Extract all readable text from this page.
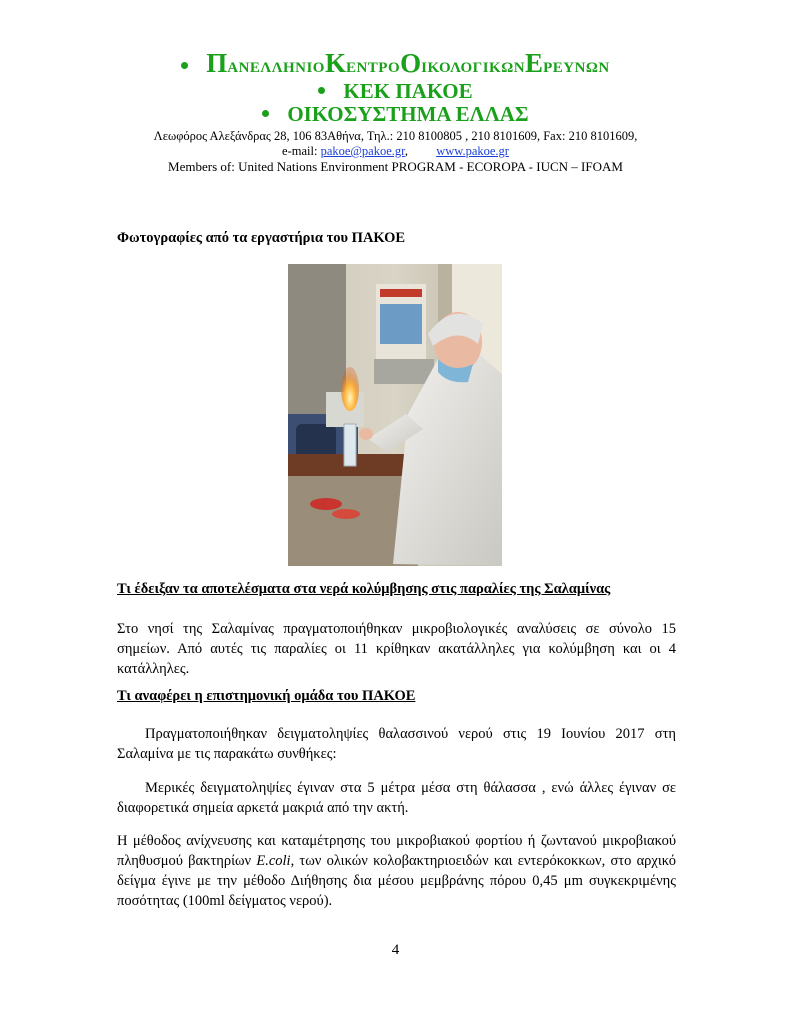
ΠΑΝΕΛΛΗΝΙΟΚΕΝΤΡΟΟΙΚΟΛΟΓΙΚΩΝΕΡΕΥΝΩΝ
ΚΕΚ ΠΑΚΟΕ
ΟΙΚΟΣΥΣΤΗΜΑ ΕΛΛΑΣ
Λεωφόρος Αλεξάνδρας 28, 106 83Αθήνα, Τηλ.: 210 8100805 , 210 8101609, Fax: 210 8101609,
e-mail: pakoe@pakoe.gr, www.pakoe.gr
Members of: United Nations Environment PROGRAM - ECOROPA - IUCN – IFOAM
Φωτογραφίες από τα εργαστήρια του ΠΑΚΟΕ
Τι έδειξαν τα αποτελέσματα στα νερά κολύμβησης στις παραλίες της Σαλαμίνας
Στο νησί της Σαλαμίνας πραγματοποιήθηκαν μικροβιολογικές αναλύσεις σε σύνολο 15 σημείων. Από αυτές τις παραλίες οι 11 κρίθηκαν ακατάλληλες για κολύμβηση και οι 4 κατάλληλες.
Τι αναφέρει η επιστημονική ομάδα του ΠΑΚΟΕ
Πραγματοποιήθηκαν δειγματοληψίες θαλασσινού νερού στις 19 Ιουνίου 2017 στη Σαλαμίνα με τις παρακάτω συνθήκες:
Μερικές δειγματοληψίες έγιναν στα 5 μέτρα μέσα στη θάλασσα , ενώ άλλες έγιναν σε διαφορετικά σημεία αρκετά μακριά από την ακτή.
Η μέθοδος ανίχνευσης και καταμέτρησης του μικροβιακού φορτίου ή ζωντανού μικροβιακού πληθυσμού βακτηρίων E.coli, των ολικών κολοβακτηριοειδών και εντερόκοκκων, στο αρχικό δείγμα έγινε με την μέθοδο Διήθησης δια μέσου μεμβράνης πόρου 0,45 μm συγκεκριμένης ποσότητας (100ml δείγματος νερού).
4
